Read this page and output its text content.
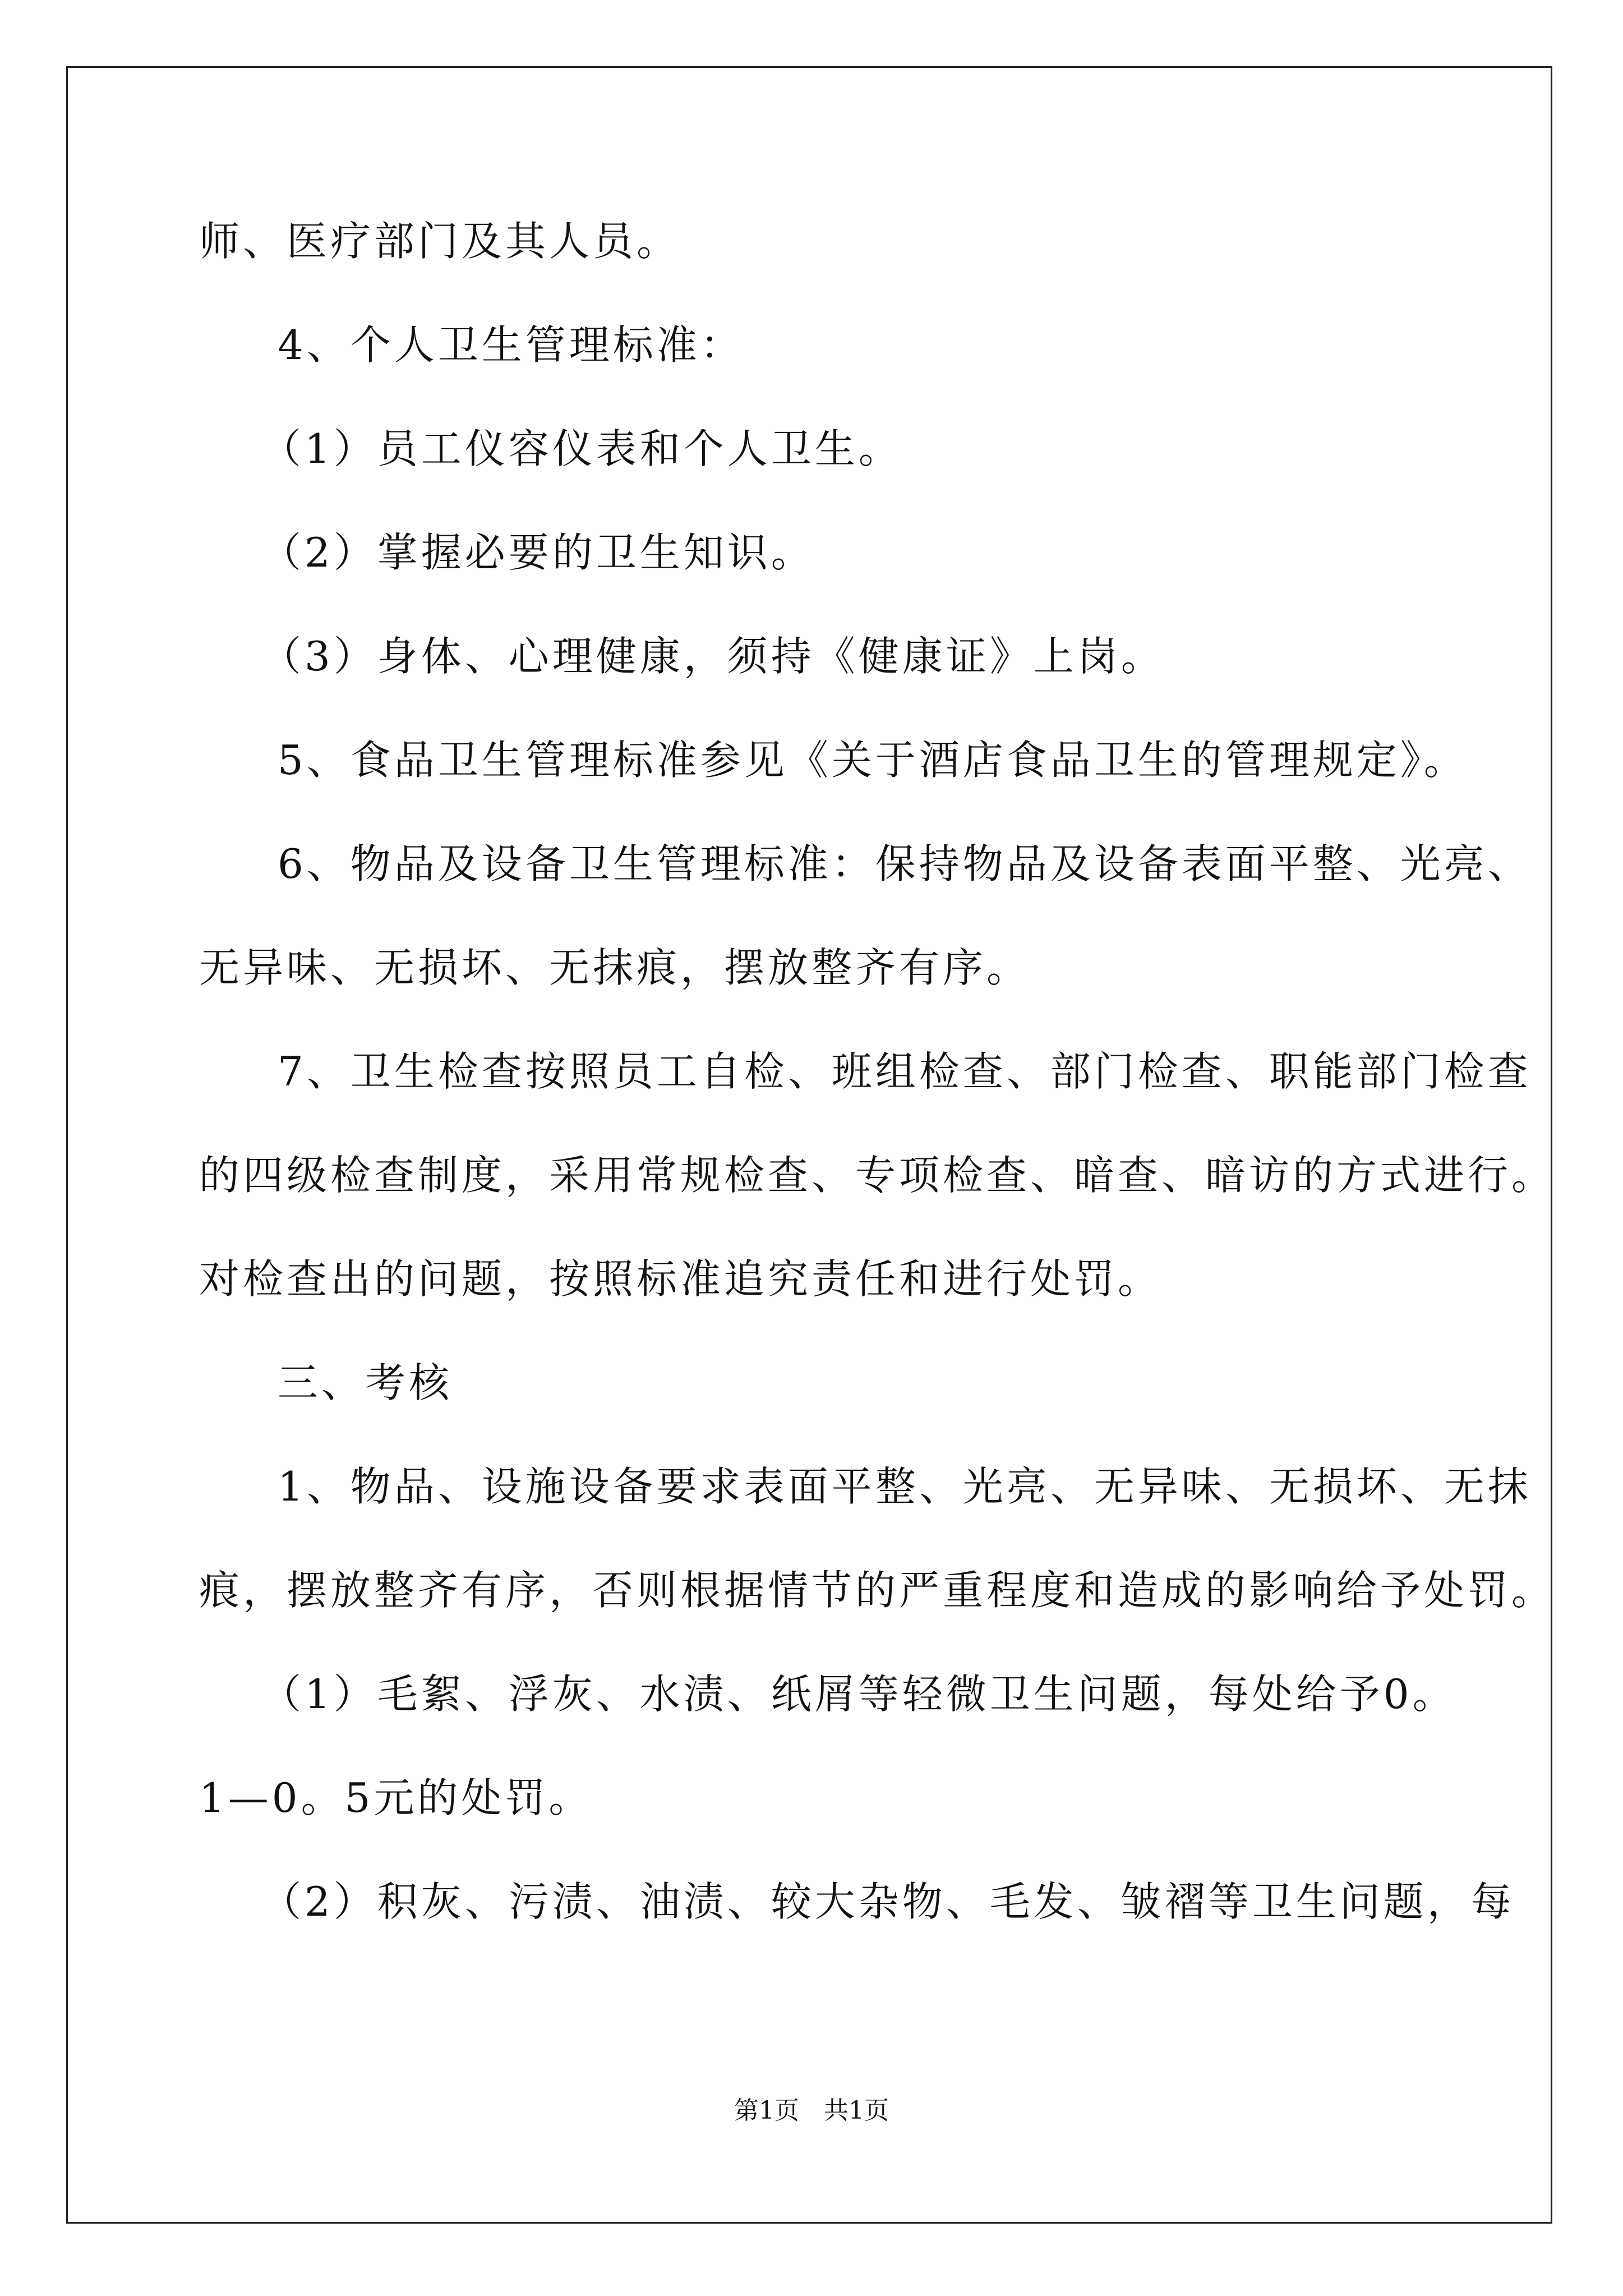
师、医疗部门及其人员。
4、个人卫生管理标准：
（1）员工仪容仪表和个人卫生。
（2）掌握必要的卫生知识。
（3）身体、心理健康，须持《健康证》上岗。
5、食品卫生管理标准参见《关于酒店食品卫生的管理规定》。
6、物品及设备卫生管理标准：保持物品及设备表面平整、光亮、
无异味、无损坏、无抹痕，摆放整齐有序。
7、卫生检查按照员工自检、班组检查、部门检查、职能部门检查
的四级检查制度，采用常规检查、专项检查、暗查、暗访的方式进行。
对检查出的问题，按照标准追究责任和进行处罚。
三、考核
1、物品、设施设备要求表面平整、光亮、无异味、无损坏、无抹
痕，摆放整齐有序，否则根据情节的严重程度和造成的影响给予处罚。
（1）毛絮、浮灰、水渍、纸屑等轻微卫生问题，每处给予0。
1—0。5元的处罚。
（2）积灰、污渍、油渍、较大杂物、毛发、皱褶等卫生问题，每
第1页　共1页
